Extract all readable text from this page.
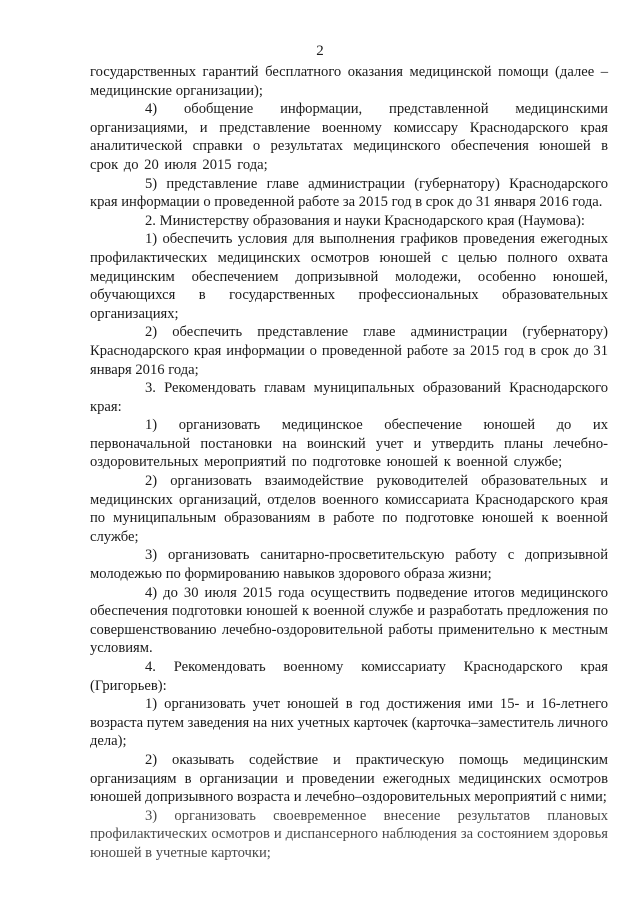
2

государственных гарантий бесплатного оказания медицинской помощи (далее – медицинские организации);

4) обобщение информации, представленной медицинскими организациями, и представление военному комиссару Краснодарского края аналитической справки о результатах медицинского обеспечения юношей в срок до 20 июля 2015 года;

5) представление главе администрации (губернатору) Краснодарского края информации о проведенной работе за 2015 год в срок до 31 января 2016 года.

2. Министерству образования и науки Краснодарского края (Наумова):

1) обеспечить условия для выполнения графиков проведения ежегодных профилактических медицинских осмотров юношей с целью полного охвата медицинским обеспечением допризывной молодежи, особенно юношей, обучающихся в государственных профессиональных образовательных организациях;

2) обеспечить представление главе администрации (губернатору) Краснодарского края информации о проведенной работе за 2015 год в срок до 31 января 2016 года;

3. Рекомендовать главам муниципальных образований Краснодарского края:

1) организовать медицинское обеспечение юношей до их первоначальной постановки на воинский учет и утвердить планы лечебно-оздоровительных мероприятий по подготовке юношей к военной службе;

2) организовать взаимодействие руководителей образовательных и медицинских организаций, отделов военного комиссариата Краснодарского края по муниципальным образованиям в работе по подготовке юношей к военной службе;

3) организовать санитарно-просветительскую работу с допризывной молодежью по формированию навыков здорового образа жизни;

4) до 30 июля 2015 года осуществить подведение итогов медицинского обеспечения подготовки юношей к военной службе и разработать предложения по совершенствованию лечебно-оздоровительной работы применительно к местным условиям.

4. Рекомендовать военному комиссариату Краснодарского края (Григорьев):

1) организовать учет юношей в год достижения ими 15- и 16-летнего возраста путем заведения на них учетных карточек (карточка–заместитель личного дела);

2) оказывать содействие и практическую помощь медицинским организациям в организации и проведении ежегодных медицинских осмотров юношей допризывного возраста и лечебно–оздоровительных мероприятий с ними;

3) организовать своевременное внесение результатов плановых профилактических осмотров и диспансерного наблюдения за состоянием здоровья юношей в учетные карточки;
